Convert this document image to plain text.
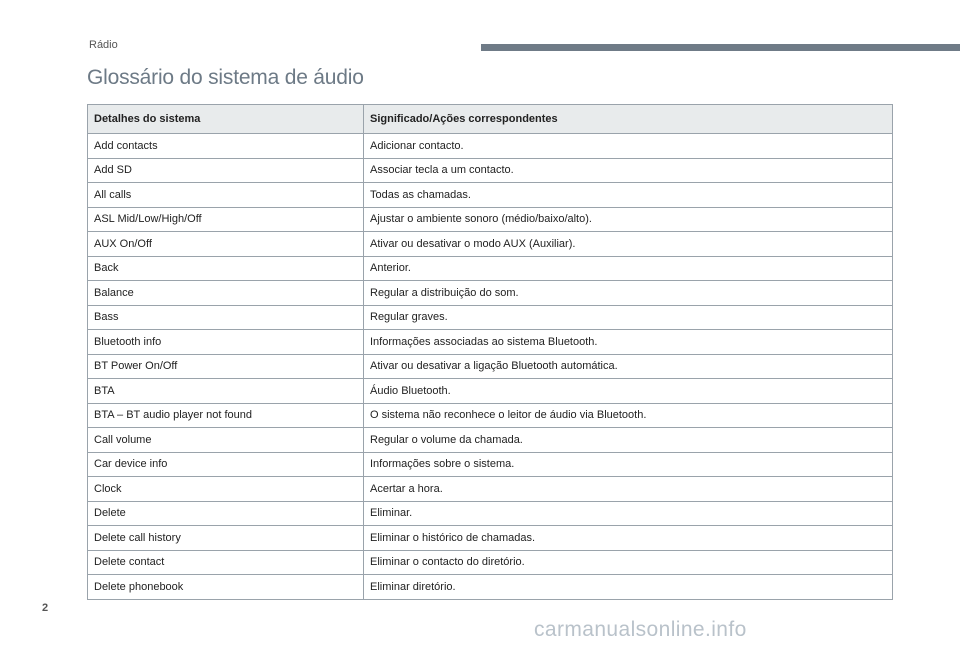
Rádio
Glossário do sistema de áudio
Detalhes do sistema	Significado/Ações correspondentes
Add contacts	Adicionar contacto.
Add SD	Associar tecla a um contacto.
All calls	Todas as chamadas.
ASL Mid/Low/High/Off	Ajustar o ambiente sonoro (médio/baixo/alto).
AUX On/Off	Ativar ou desativar o modo AUX (Auxiliar).
Back	Anterior.
Balance	Regular a distribuição do som.
Bass	Regular graves.
Bluetooth info	Informações associadas ao sistema Bluetooth.
BT Power On/Off	Ativar ou desativar a ligação Bluetooth automática.
BTA	Áudio Bluetooth.
BTA – BT audio player not found	O sistema não reconhece o leitor de áudio via Bluetooth.
Call volume	Regular o volume da chamada.
Car device info	Informações sobre o sistema.
Clock	Acertar a hora.
Delete	Eliminar.
Delete call history	Eliminar o histórico de chamadas.
Delete contact	Eliminar o contacto do diretório.
Delete phonebook	Eliminar diretório.
2
carmanualsonline.info
